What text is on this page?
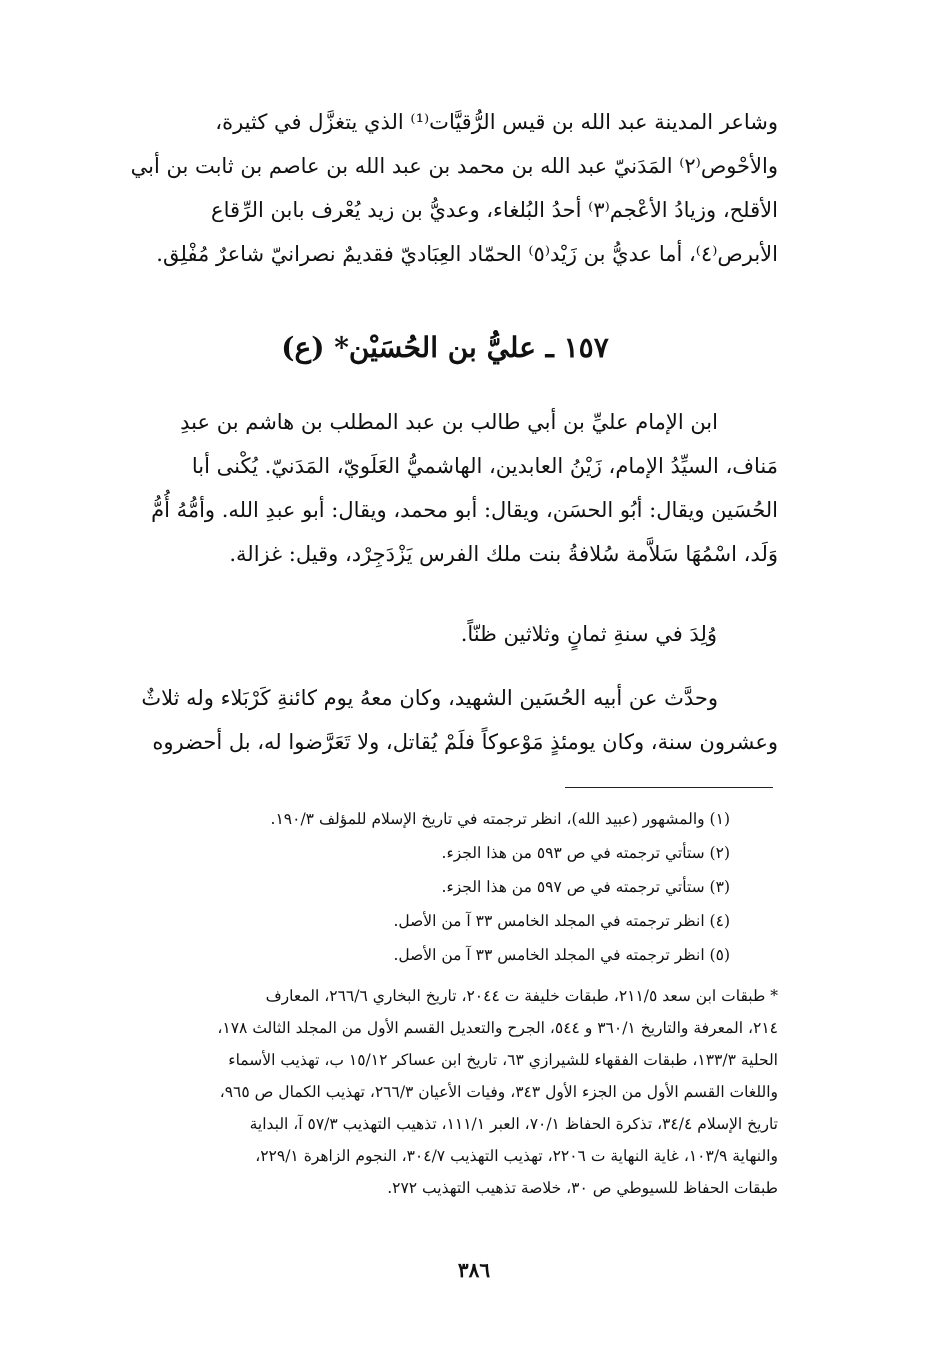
وشاعر المدينة عبد الله بن قيس الرُّقيَّات⁽¹⁾ الذي يتغزَّل في كثيرة،
والأحْوص⁽٢⁾ المَدَنيّ عبد الله بن محمد بن عبد الله بن عاصم بن ثابت بن أبي
الأقلح، وزيادُ الأعْجم⁽٣⁾ أحدُ البُلغاء، وعديُّ بن زيد يُعْرف بابن الرِّقاع
الأبرص⁽٤⁾، أما عديُّ بن زَيْد⁽٥⁾ الحمّاد العِبَاديّ فقديمٌ نصرانيّ شاعرٌ مُفْلِق.
١٥٧ ـ عليُّ بن الحُسَيْن* (ع)
ابن الإمام عليِّ بن أبي طالب بن عبد المطلب بن هاشم بن عبدِ
مَناف، السيِّدُ الإمام، زَيْنُ العابدين، الهاشميُّ العَلَويّ، المَدَنيّ. يُكْنى أبا
الحُسَين ويقال: أبُو الحسَن، ويقال: أبو محمد، ويقال: أبو عبدِ الله. وأمُّهُ أُمُّ
وَلَد، اسْمُهَا سَلاَّمة سُلافةُ بنت ملك الفرس يَزْدَجِرْد، وقيل: غزالة.
وُلِدَ في سنةِ ثمانٍ وثلاثين ظنّاً.
وحدَّث عن أبيه الحُسَين الشهيد، وكان معهُ يوم كائنةِ كَرْبَلاء وله ثلاثٌ
وعشرون سنة، وكان يومئذٍ مَوْعوكاً فلَمْ يُقاتل، ولا تَعَرَّضوا له، بل أحضروه
(١) والمشهور (عبيد الله)، انظر ترجمته في تاريخ الإسلام للمؤلف ١٩٠/٣.
(٢) ستأتي ترجمته في ص ٥٩٣ من هذا الجزء.
(٣) ستأتي ترجمته في ص ٥٩٧ من هذا الجزء.
(٤) انظر ترجمته في المجلد الخامس ٣٣ آ من الأصل.
(٥) انظر ترجمته في المجلد الخامس ٣٣ آ من الأصل.
* طبقات ابن سعد ٢١١/٥، طبقات خليفة ت ٢٠٤٤، تاريخ البخاري ٢٦٦/٦، المعارف
٢١٤، المعرفة والتاريخ ٣٦٠/١ و ٥٤٤، الجرح والتعديل القسم الأول من المجلد الثالث ١٧٨،
الحلية ١٣٣/٣، طبقات الفقهاء للشيرازي ٦٣، تاريخ ابن عساكر ١٥/١٢ ب، تهذيب الأسماء
واللغات القسم الأول من الجزء الأول ٣٤٣، وفيات الأعيان ٢٦٦/٣، تهذيب الكمال ص ٩٦٥،
تاريخ الإسلام ٣٤/٤، تذكرة الحفاظ ٧٠/١، العبر ١١١/١، تذهيب التهذيب ٥٧/٣ آ، البداية
والنهاية ١٠٣/٩، غاية النهاية ت ٢٢٠٦، تهذيب التهذيب ٣٠٤/٧، النجوم الزاهرة ٢٢٩/١،
طبقات الحفاظ للسيوطي ص ٣٠، خلاصة تذهيب التهذيب ٢٧٢.
٣٨٦
